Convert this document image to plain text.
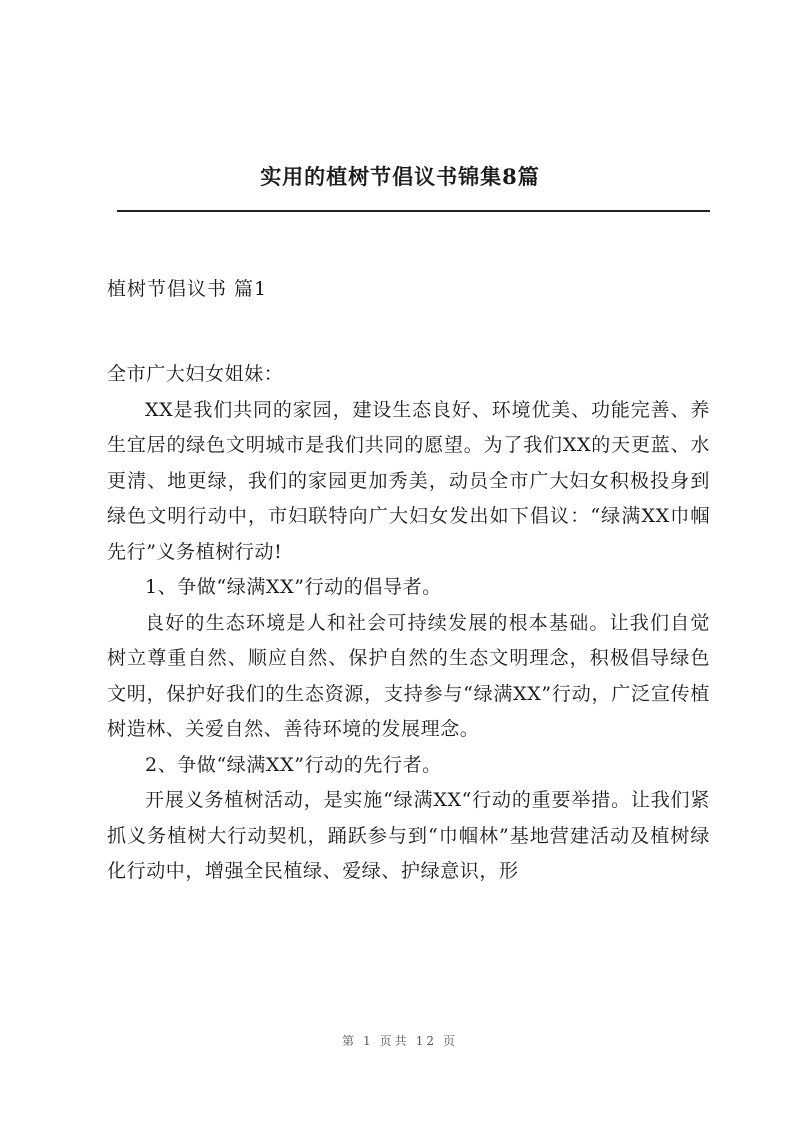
实用的植树节倡议书锦集8篇
植树节倡议书 篇1

全市广大妇女姐妹：

XX是我们共同的家园，建设生态良好、环境优美、功能完善、养生宜居的绿色文明城市是我们共同的愿望。为了我们XX的天更蓝、水更清、地更绿，我们的家园更加秀美，动员全市广大妇女积极投身到绿色文明行动中，市妇联特向广大妇女发出如下倡议：“绿满XX巾帼先行”义务植树行动!

1、争做“绿满XX”行动的倡导者。

良好的生态环境是人和社会可持续发展的根本基础。让我们自觉树立尊重自然、顺应自然、保护自然的生态文明理念，积极倡导绿色文明，保护好我们的生态资源，支持参与“绿满XX”行动，广泛宣传植树造林、关爱自然、善待环境的发展理念。

2、争做“绿满XX”行动的先行者。

开展义务植树活动，是实施“绿满XX“行动的重要举措。让我们紧抓义务植树大行动契机，踊跃参与到“巾帼林”基地营建活动及植树绿化行动中，增强全民植绿、爱绿、护绿意识，形

第 1 页共 12 页
